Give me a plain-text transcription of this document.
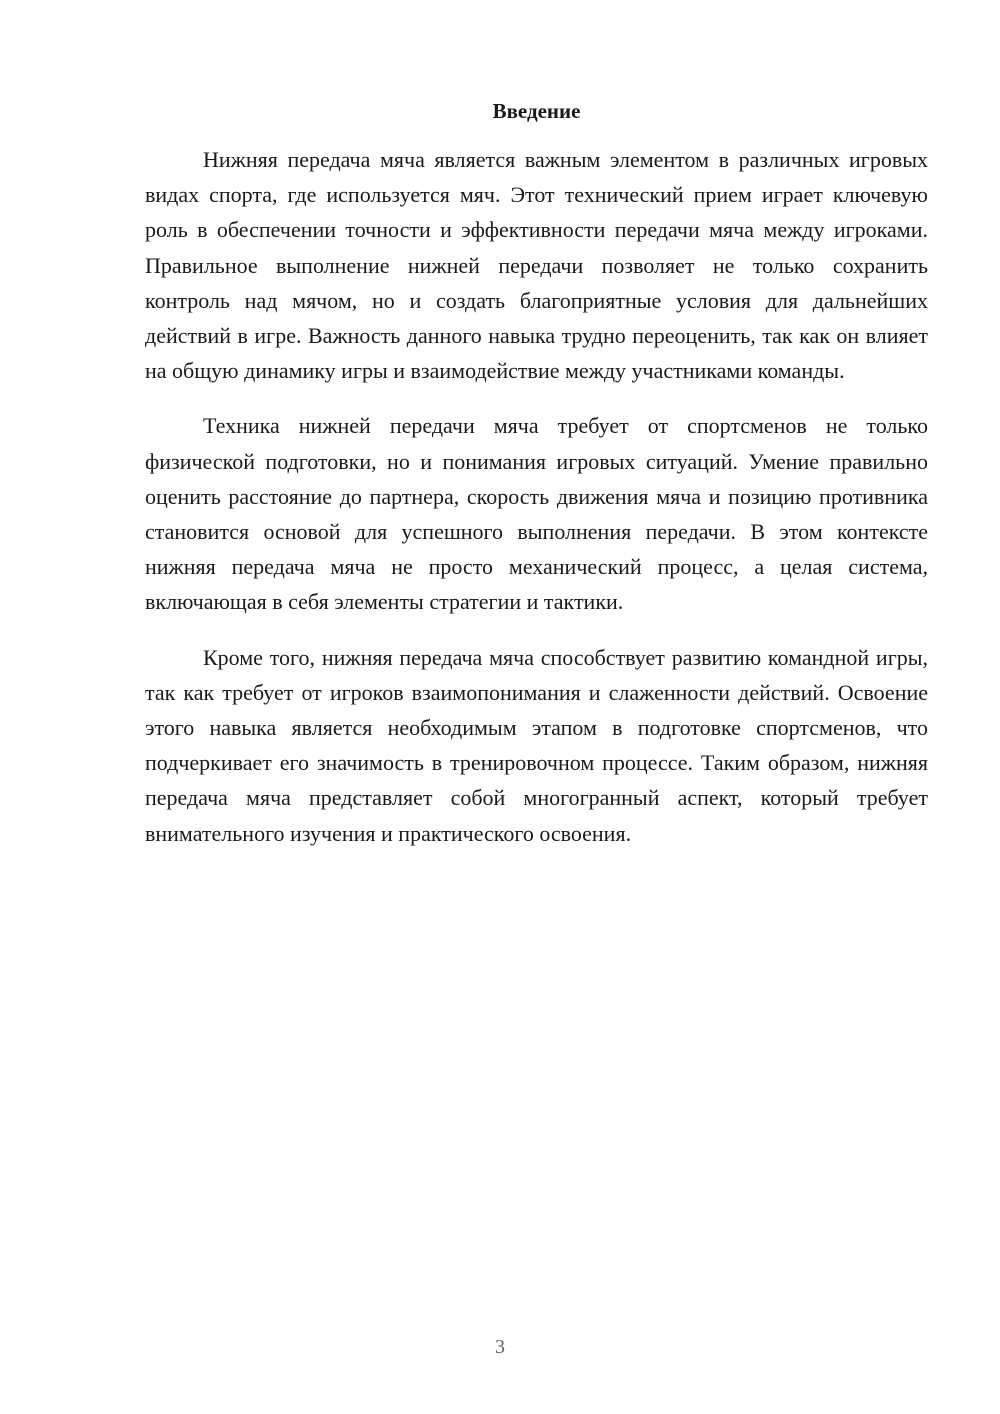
Введение

Нижняя передача мяча является важным элементом в различных игровых видах спорта, где используется мяч. Этот технический прием играет ключевую роль в обеспечении точности и эффективности передачи мяча между игроками. Правильное выполнение нижней передачи позволяет не только сохранить контроль над мячом, но и создать благоприятные условия для дальнейших действий в игре. Важность данного навыка трудно переоценить, так как он влияет на общую динамику игры и взаимодействие между участниками команды.

Техника нижней передачи мяча требует от спортсменов не только физической подготовки, но и понимания игровых ситуаций. Умение правильно оценить расстояние до партнера, скорость движения мяча и позицию противника становится основой для успешного выполнения передачи. В этом контексте нижняя передача мяча не просто механический процесс, а целая система, включающая в себя элементы стратегии и тактики.

Кроме того, нижняя передача мяча способствует развитию командной игры, так как требует от игроков взаимопонимания и слаженности действий. Освоение этого навыка является необходимым этапом в подготовке спортсменов, что подчеркивает его значимость в тренировочном процессе. Таким образом, нижняя передача мяча представляет собой многогранный аспект, который требует внимательного изучения и практического освоения.

3
